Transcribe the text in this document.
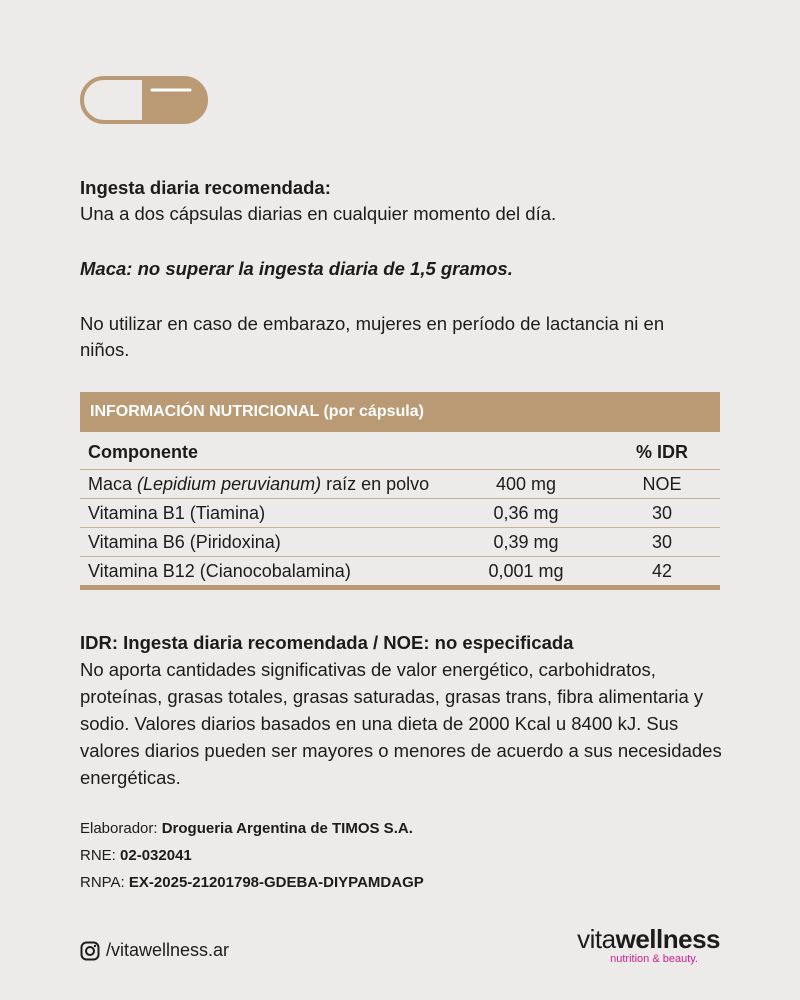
Ingesta diaria recomendada:
Una a dos cápsulas diarias en cualquier momento del día.
Maca: no superar la ingesta diaria de 1,5 gramos.
No utilizar en caso de embarazo, mujeres en período de lactancia ni en niños.
INFORMACIÓN NUTRICIONAL (por cápsula)
Componente		% IDR
Maca (Lepidium peruvianum) raíz en polvo	400 mg	NOE
Vitamina B1 (Tiamina)	0,36 mg	30
Vitamina B6 (Piridoxina)	0,39 mg	30
Vitamina B12 (Cianocobalamina)	0,001 mg	42
IDR: Ingesta diaria recomendada / NOE: no especificada
No aporta cantidades significativas de valor energético, carbohidratos, proteínas, grasas totales, grasas saturadas, grasas trans, fibra alimentaria y sodio. Valores diarios basados en una dieta de 2000 Kcal u 8400 kJ. Sus valores diarios pueden ser mayores o menores de acuerdo a sus necesidades energéticas.
Elaborador: Drogueria Argentina de TIMOS S.A.
RNE: 02-032041
RNPA: EX-2025-21201798-GDEBA-DIYPAMDAGP
/vitawellness.ar	vitawellness
nutrition & beauty.
